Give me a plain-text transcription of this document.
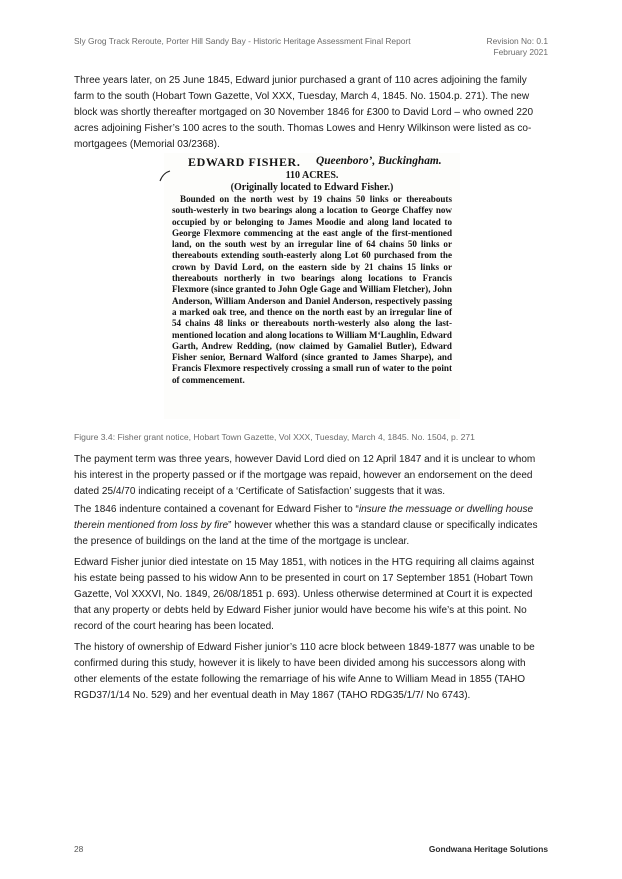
Sly Grog Track Reroute, Porter Hill Sandy Bay - Historic Heritage Assessment Final Report	Revision No: 0.1
February 2021

Three years later, on 25 June 1845, Edward junior purchased a grant of 110 acres adjoining the family farm to the south (Hobart Town Gazette, Vol XXX, Tuesday, March 4, 1845. No. 1504.p. 271). The new block was shortly thereafter mortgaged on 30 November 1846 for £300 to David Lord – who owned 220 acres adjoining Fisher’s 100 acres to the south. Thomas Lowes and Henry Wilkinson were listed as co-mortgagees (Memorial 03/2368).

EDWARD FISHER. Queenboro’, Buckingham.
110 ACRES.
(Originally located to Edward Fisher.)

Bounded on the north west by 19 chains 50 links or thereabouts south-westerly in two bearings along a location to George Chaffey now occupied by or belonging to James Moodie and along land located to George Flexmore commencing at the east angle of the first-mentioned land, on the south west by an irregular line of 64 chains 50 links or thereabouts extending south-easterly along Lot 60 purchased from the crown by David Lord, on the eastern side by 21 chains 15 links or thereabouts northerly in two bearings along locations to Francis Flexmore (since granted to John Ogle Gage and William Fletcher), John Anderson, William Anderson and Daniel Anderson, respectively passing a marked oak tree, and thence on the north east by an irregular line of 54 chains 48 links or thereabouts north-westerly also along the last-mentioned location and along locations to William M‘Laughlin, Edward Garth, Andrew Redding, (now claimed by Gamaliel Butler), Edward Fisher senior, Bernard Walford (since granted to James Sharpe), and Francis Flexmore respectively crossing a small run of water to the point of commencement.

Figure 3.4: Fisher grant notice, Hobart Town Gazette, Vol XXX, Tuesday, March 4, 1845. No. 1504, p. 271

The payment term was three years, however David Lord died on 12 April 1847 and it is unclear to whom his interest in the property passed or if the mortgage was repaid, however an endorsement on the deed dated 25/4/70 indicating receipt of a ‘Certificate of Satisfaction’ suggests that it was.

The 1846 indenture contained a covenant for Edward Fisher to “insure the messuage or dwelling house therein mentioned from loss by fire” however whether this was a standard clause or specifically indicates the presence of buildings on the land at the time of the mortgage is unclear.

Edward Fisher junior died intestate on 15 May 1851, with notices in the HTG requiring all claims against his estate being passed to his widow Ann to be presented in court on 17 September 1851 (Hobart Town Gazette, Vol XXXVI, No. 1849, 26/08/1851 p. 693). Unless otherwise determined at Court it is expected that any property or debts held by Edward Fisher junior would have become his wife’s at this point. No record of the court hearing has been located.

The history of ownership of Edward Fisher junior’s 110 acre block between 1849-1877 was unable to be confirmed during this study, however it is likely to have been divided among his successors along with other elements of the estate following the remarriage of his wife Anne to William Mead in 1855 (TAHO RGD37/1/14 No. 529) and her eventual death in May 1867 (TAHO RDG35/1/7/ No 6743).

28	Gondwana Heritage Solutions
